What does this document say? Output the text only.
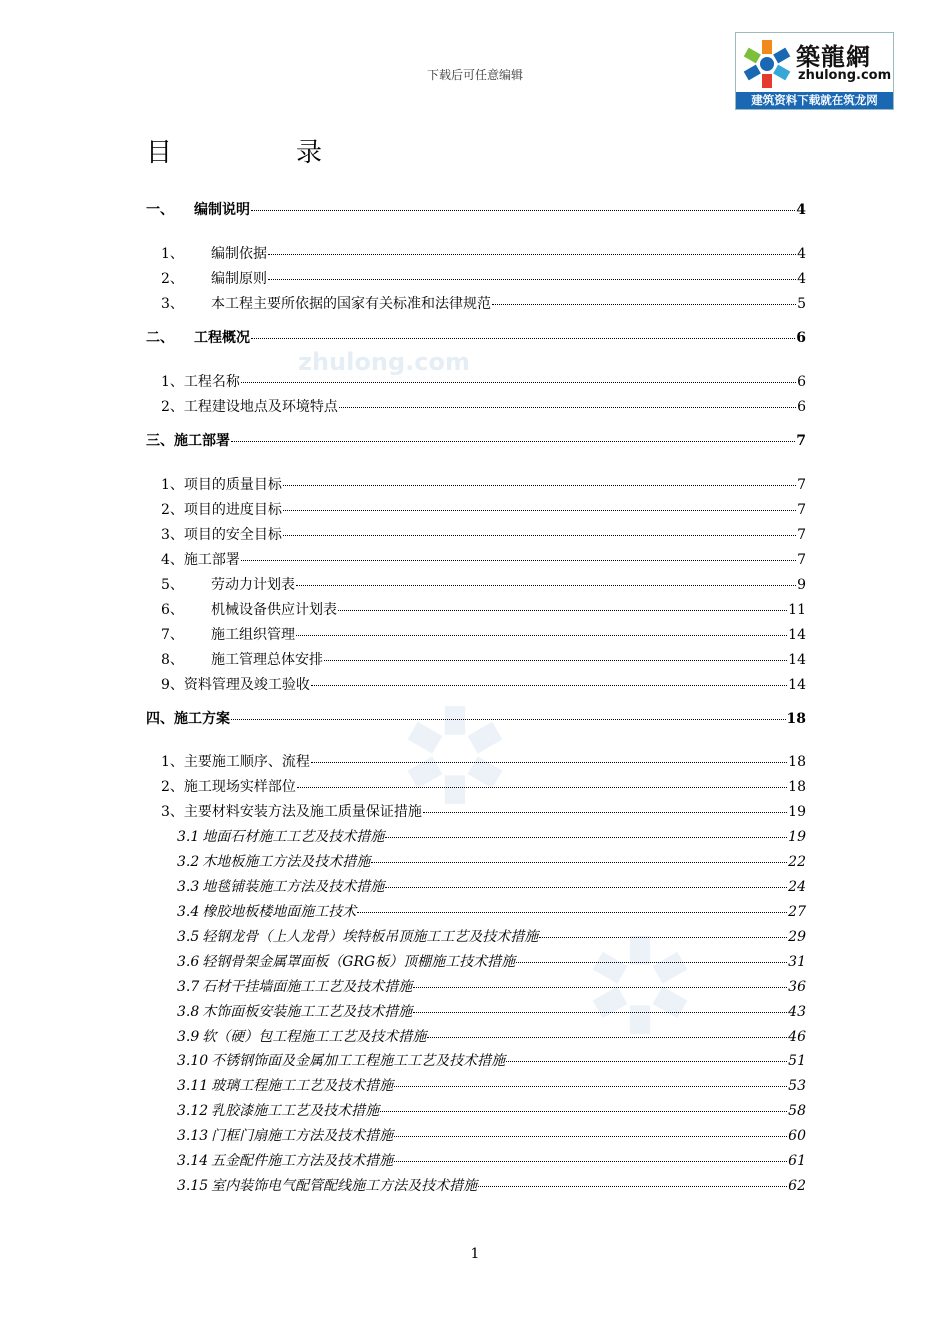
下载后可任意编辑
築龍網
zhulong.com
建筑资料下载就在筑龙网
目	录
zhulong.com
一、	编制说明	4
1、	编制依据	4
2、	编制原则	4
3、	本工程主要所依据的国家有关标准和法律规范	5
二、	工程概况	6
1、 工程名称	6
2、 工程建设地点及环境特点	6
三、 施工部署	7
1、 项目的质量目标	7
2、 项目的进度目标	7
3、 项目的安全目标	7
4、 施工部署	7
5、	劳动力计划表	9
6、	机械设备供应计划表	11
7、	施工组织管理	14
8、	施工管理总体安排	14
9、 资料管理及竣工验收	14
四、 施工方案	18
1、 主要施工顺序、流程	18
2、 施工现场实样部位	18
3、 主要材料安装方法及施工质量保证措施	19
3.1 地面石材施工工艺及技术措施	19
3.2 木地板施工方法及技术措施	22
3.3 地毯铺装施工方法及技术措施	24
3.4 橡胶地板楼地面施工技术	27
3.5 轻钢龙骨（上人龙骨）埃特板吊顶施工工艺及技术措施	29
3.6 轻钢骨架金属罩面板（GRG板）顶棚施工技术措施	31
3.7 石材干挂墙面施工工艺及技术措施	36
3.8 木饰面板安装施工工艺及技术措施	43
3.9 软（硬）包工程施工工艺及技术措施	46
3.10 不锈钢饰面及金属加工工程施工工艺及技术措施	51
3.11 玻璃工程施工工艺及技术措施	53
3.12 乳胶漆施工工艺及技术措施	58
3.13 门框门扇施工方法及技术措施	60
3.14 五金配件施工方法及技术措施	61
3.15 室内装饰电气配管配线施工方法及技术措施	62
1
